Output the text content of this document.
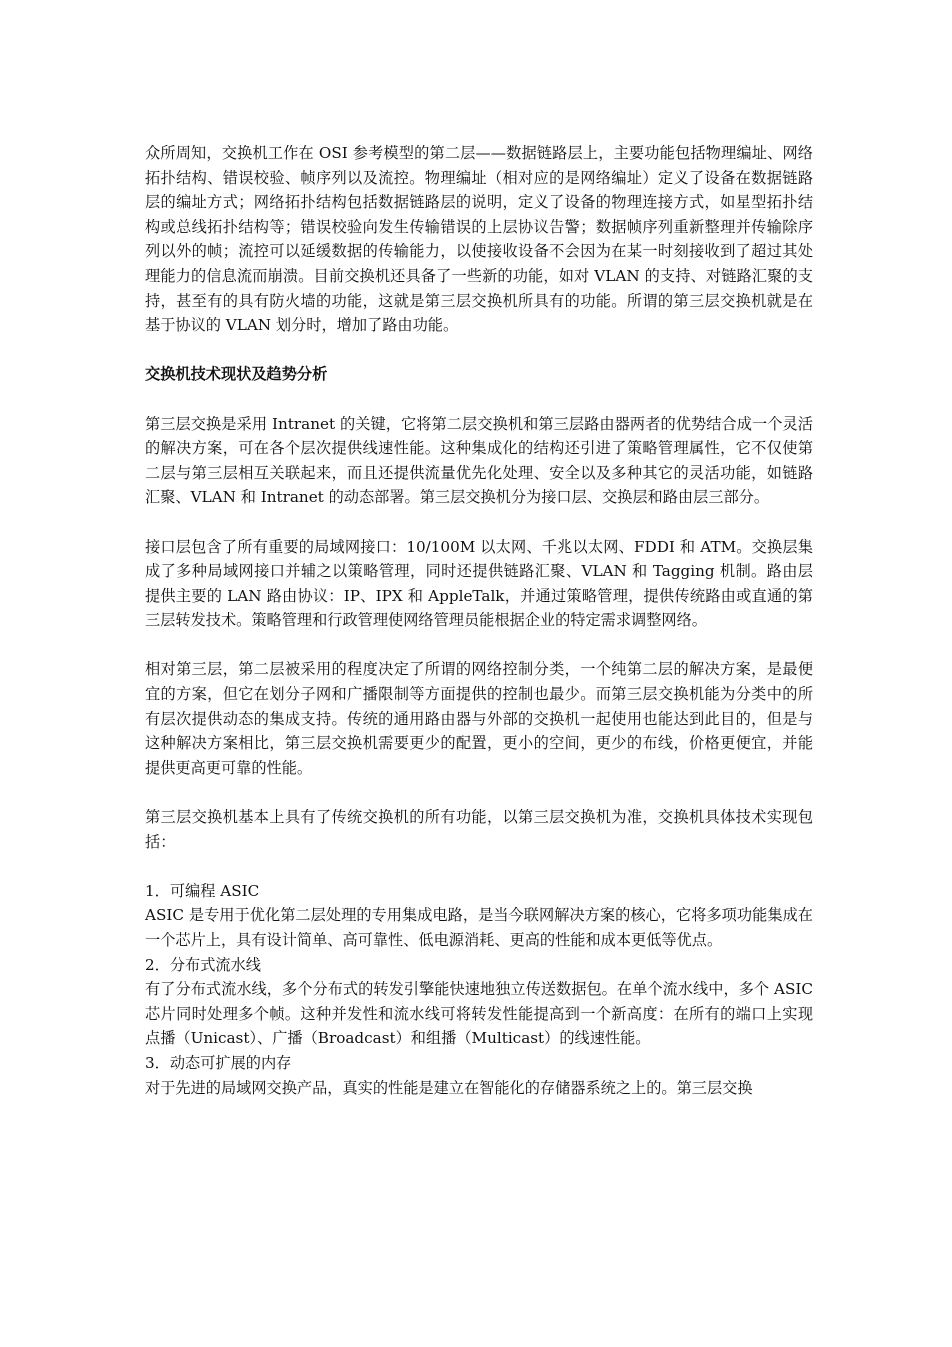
众所周知，交换机工作在 OSI 参考模型的第二层——数据链路层上，主要功能包括物理编址、网络拓扑结构、错误校验、帧序列以及流控。物理编址（相对应的是网络编址）定义了设备在数据链路层的编址方式；网络拓扑结构包括数据链路层的说明，定义了设备的物理连接方式，如星型拓扑结构或总线拓扑结构等；错误校验向发生传输错误的上层协议告警；数据帧序列重新整理并传输除序列以外的帧；流控可以延缓数据的传输能力，以使接收设备不会因为在某一时刻接收到了超过其处理能力的信息流而崩溃。目前交换机还具备了一些新的功能，如对 VLAN 的支持、对链路汇聚的支持，甚至有的具有防火墙的功能，这就是第三层交换机所具有的功能。所谓的第三层交换机就是在基于协议的 VLAN 划分时，增加了路由功能。

交换机技术现状及趋势分析

第三层交换是采用 Intranet 的关键，它将第二层交换机和第三层路由器两者的优势结合成一个灵活的解决方案，可在各个层次提供线速性能。这种集成化的结构还引进了策略管理属性，它不仅使第二层与第三层相互关联起来，而且还提供流量优先化处理、安全以及多种其它的灵活功能，如链路汇聚、VLAN 和 Intranet 的动态部署。第三层交换机分为接口层、交换层和路由层三部分。

接口层包含了所有重要的局域网接口：10/100M 以太网、千兆以太网、FDDI 和 ATM。交换层集成了多种局域网接口并辅之以策略管理，同时还提供链路汇聚、VLAN 和 Tagging 机制。路由层提供主要的 LAN 路由协议：IP、IPX 和 AppleTalk，并通过策略管理，提供传统路由或直通的第三层转发技术。策略管理和行政管理使网络管理员能根据企业的特定需求调整网络。

相对第三层，第二层被采用的程度决定了所谓的网络控制分类，一个纯第二层的解决方案，是最便宜的方案，但它在划分子网和广播限制等方面提供的控制也最少。而第三层交换机能为分类中的所有层次提供动态的集成支持。传统的通用路由器与外部的交换机一起使用也能达到此目的，但是与这种解决方案相比，第三层交换机需要更少的配置，更小的空间，更少的布线，价格更便宜，并能提供更高更可靠的性能。

第三层交换机基本上具有了传统交换机的所有功能，以第三层交换机为准，交换机具体技术实现包括：

1．可编程 ASIC

ASIC 是专用于优化第二层处理的专用集成电路，是当今联网解决方案的核心，它将多项功能集成在一个芯片上，具有设计简单、高可靠性、低电源消耗、更高的性能和成本更低等优点。

2．分布式流水线

有了分布式流水线，多个分布式的转发引擎能快速地独立传送数据包。在单个流水线中，多个 ASIC 芯片同时处理多个帧。这种并发性和流水线可将转发性能提高到一个新高度：在所有的端口上实现点播（Unicast）、广播（Broadcast）和组播（Multicast）的线速性能。

3．动态可扩展的内存

对于先进的局域网交换产品，真实的性能是建立在智能化的存储器系统之上的。第三层交换
